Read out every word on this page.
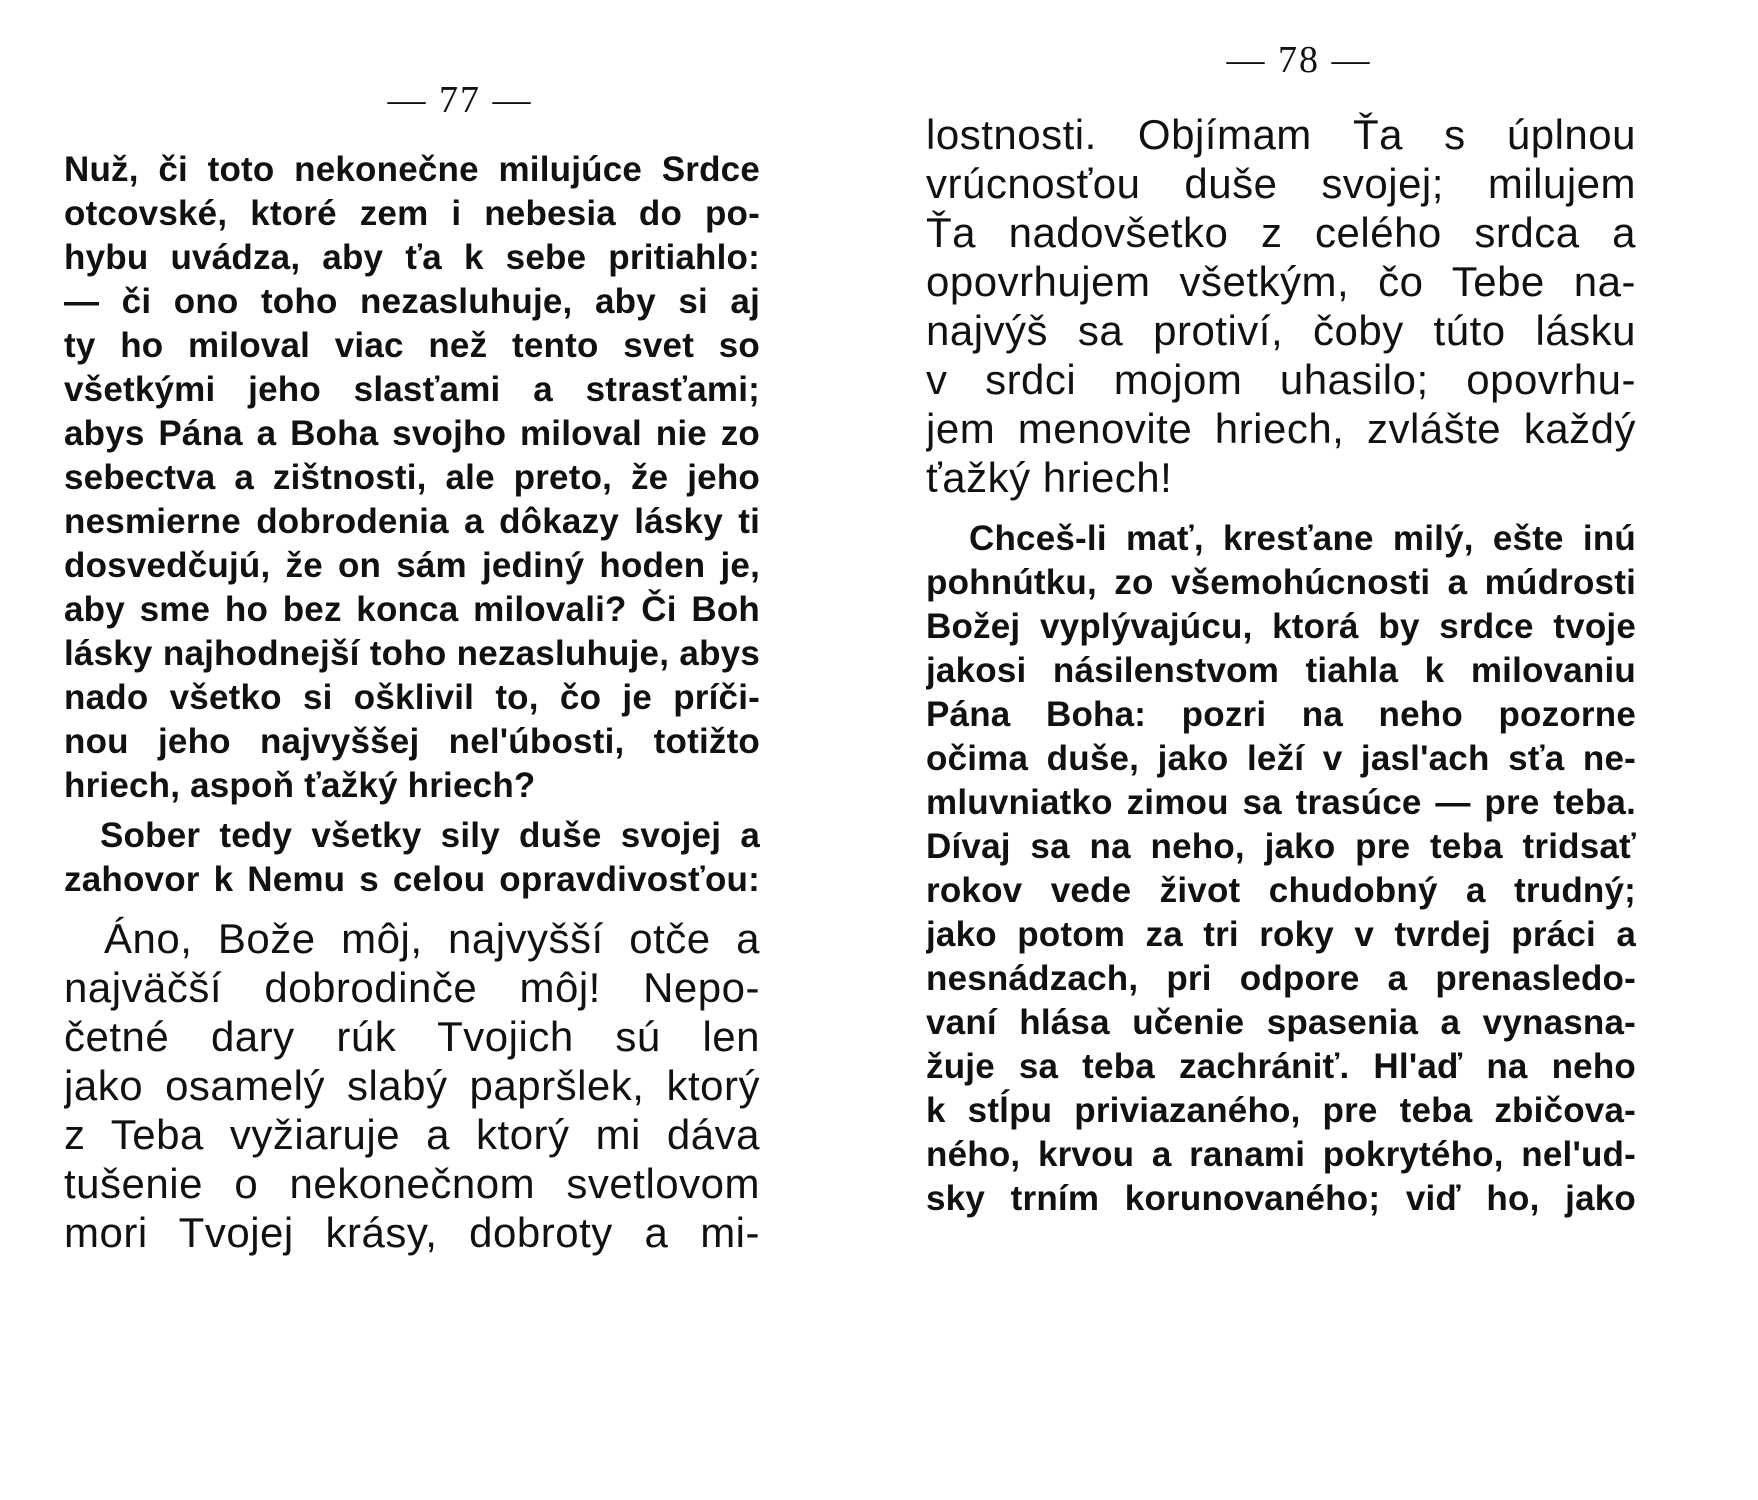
— 77 —
Nuž, či toto nekonečne milujúce Srdce
otcovské, ktoré zem i nebesia do po-
hybu uvádza, aby ťa k sebe pritiahlo:
— či ono toho nezasluhuje, aby si aj
ty ho miloval viac než tento svet so
všetkými jeho slasťami a strasťami;
abys Pána a Boha svojho miloval nie zo
sebectva a zištnosti, ale preto, že jeho
nesmierne dobrodenia a dôkazy lásky ti
dosvedčujú, že on sám jediný hoden je,
aby sme ho bez konca milovali? Či Boh
lásky najhodnejší toho nezasluhuje, abys
nado všetko si ošklivil to, čo je príči-
nou jeho najvyššej nel'úbosti, totižto
hriech, aspoň ťažký hriech?
Sober tedy všetky sily duše svojej a
zahovor k Nemu s celou opravdivosťou:
Áno, Bože môj, najvyšší otče a
najväčší dobrodinče môj! Nepo-
četné dary rúk Tvojich sú len
jako osamelý slabý papršlek, ktorý
z Teba vyžiaruje a ktorý mi dáva
tušenie o nekonečnom svetlovom
mori Tvojej krásy, dobroty a mi-
— 78 —
lostnosti. Objímam Ťa s úplnou
vrúcnosťou duše svojej; milujem
Ťa nadovšetko z celého srdca a
opovrhujem všetkým, čo Tebe na-
najvýš sa protiví, čoby túto lásku
v srdci mojom uhasilo; opovrhu-
jem menovite hriech, zvlášte každý
ťažký hriech!
Chceš-li mať, kresťane milý, ešte inú
pohnútku, zo všemohúcnosti a múdrosti
Božej vyplývajúcu, ktorá by srdce tvoje
jakosi násilenstvom tiahla k milovaniu
Pána Boha: pozri na neho pozorne
očima duše, jako leží v jasl'ach sťa ne-
mluvniatko zimou sa trasúce — pre teba.
Dívaj sa na neho, jako pre teba tridsať
rokov vede život chudobný a trudný;
jako potom za tri roky v tvrdej práci a
nesnádzach, pri odpore a prenasledo-
vaní hlása učenie spasenia a vynasna-
žuje sa teba zachrániť. Hl'aď na neho
k stĺpu priviazaného, pre teba zbičova-
ného, krvou a ranami pokrytého, nel'ud-
sky trním korunovaného; viď ho, jako
